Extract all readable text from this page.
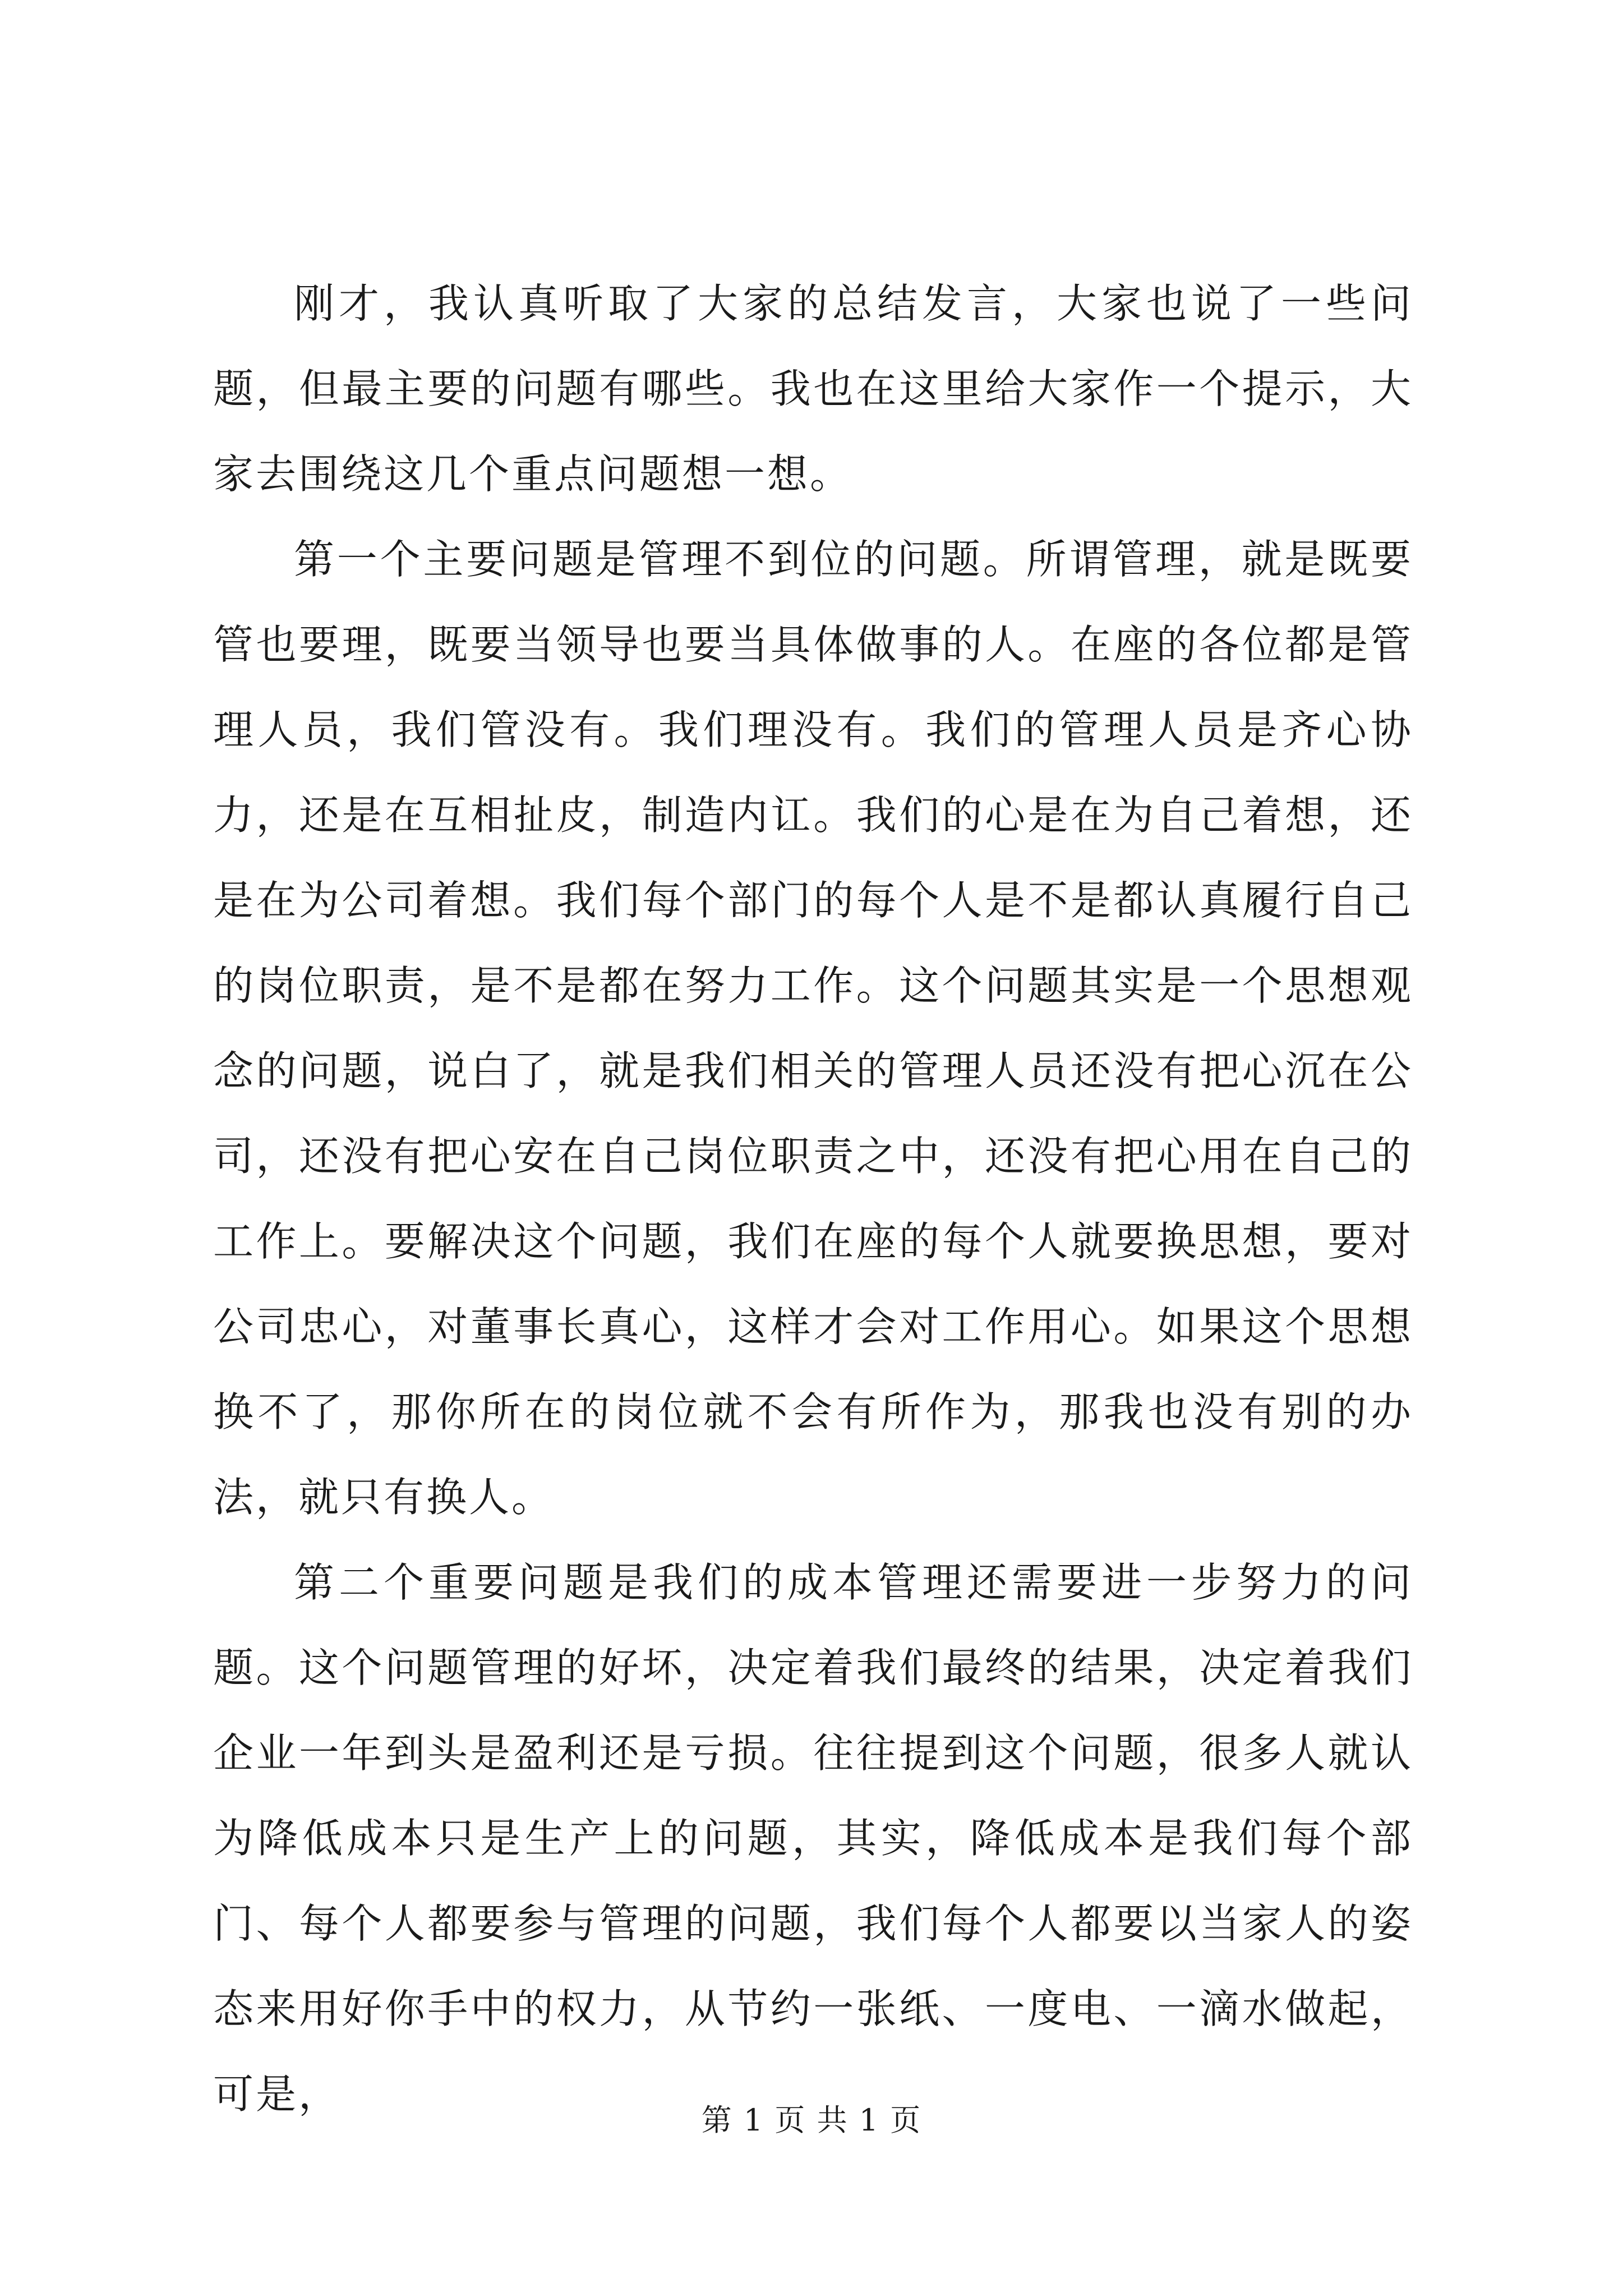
刚才，我认真听取了大家的总结发言，大家也说了一些问题，但最主要的问题有哪些。我也在这里给大家作一个提示，大家去围绕这几个重点问题想一想。

第一个主要问题是管理不到位的问题。所谓管理，就是既要管也要理，既要当领导也要当具体做事的人。在座的各位都是管理人员，我们管没有。我们理没有。我们的管理人员是齐心协力，还是在互相扯皮，制造内讧。我们的心是在为自己着想，还是在为公司着想。我们每个部门的每个人是不是都认真履行自己的岗位职责，是不是都在努力工作。这个问题其实是一个思想观念的问题，说白了，就是我们相关的管理人员还没有把心沉在公司，还没有把心安在自己岗位职责之中，还没有把心用在自己的工作上。要解决这个问题，我们在座的每个人就要换思想，要对公司忠心，对董事长真心，这样才会对工作用心。如果这个思想换不了，那你所在的岗位就不会有所作为，那我也没有别的办法，就只有换人。

第二个重要问题是我们的成本管理还需要进一步努力的问题。这个问题管理的好坏，决定着我们最终的结果，决定着我们企业一年到头是盈利还是亏损。往往提到这个问题，很多人就认为降低成本只是生产上的问题，其实，降低成本是我们每个部门、每个人都要参与管理的问题，我们每个人都要以当家人的姿态来用好你手中的权力，从节约一张纸、一度电、一滴水做起，可是，

第 1 页 共 1 页
